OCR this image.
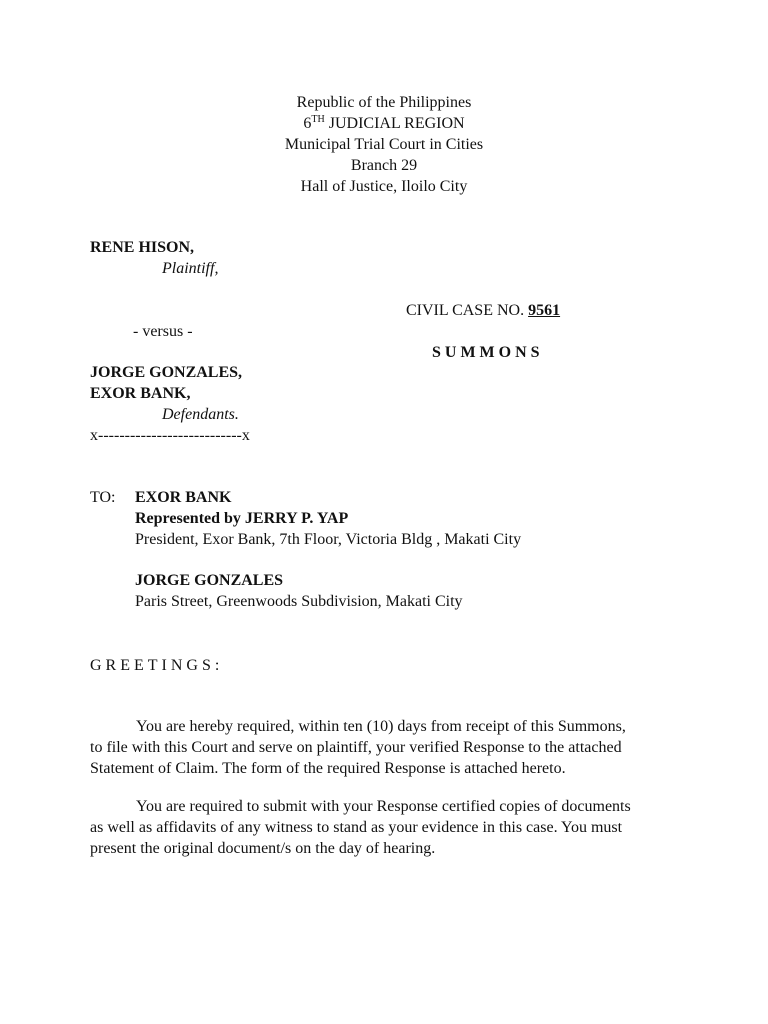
Republic of the Philippines
6TH JUDICIAL REGION
Municipal Trial Court in Cities
Branch 29
Hall of Justice, Iloilo City
RENE HISON,
Plaintiff,
- versus -
JORGE GONZALES,
EXOR BANK,
Defendants.
x---------------------------x
CIVIL CASE NO. 9561
SUMMONS
TO: EXOR BANK
Represented by JERRY P. YAP
President, Exor Bank, 7th Floor, Victoria Bldg , Makati City
JORGE GONZALES
Paris Street, Greenwoods Subdivision, Makati City
GREETINGS:
You are hereby required, within ten (10) days from receipt of this Summons,
to file with this Court and serve on plaintiff, your verified Response to the attached
Statement of Claim. The form of the required Response is attached hereto.
You are required to submit with your Response certified copies of documents
as well as affidavits of any witness to stand as your evidence in this case. You must
present the original document/s on the day of hearing.
